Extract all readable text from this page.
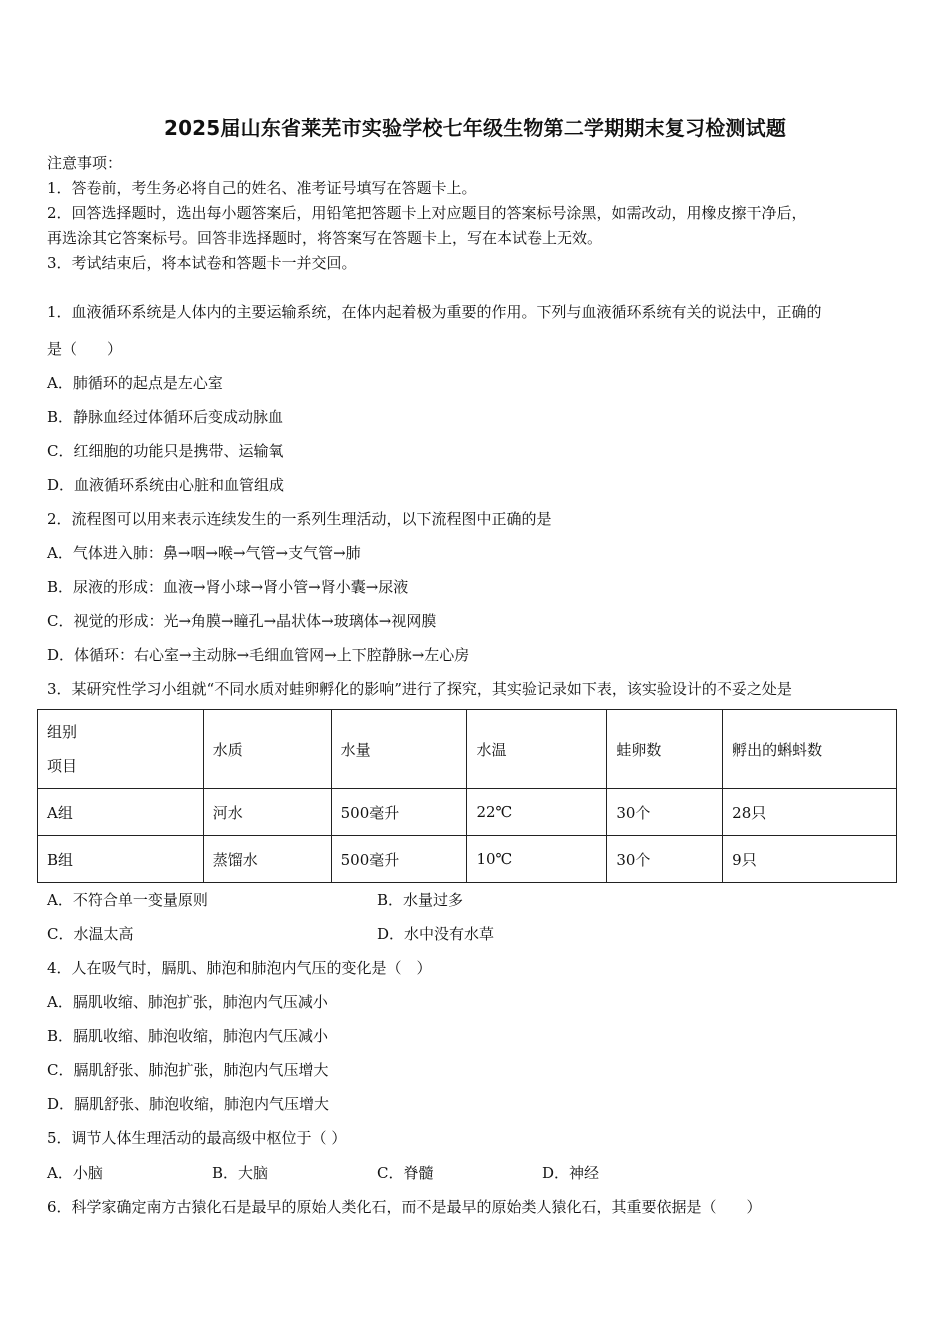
2025届山东省莱芜市实验学校七年级生物第二学期期末复习检测试题
注意事项：
1．答卷前，考生务必将自己的姓名、准考证号填写在答题卡上。
2．回答选择题时，选出每小题答案后，用铅笔把答题卡上对应题目的答案标号涂黑，如需改动，用橡皮擦干净后，
再选涂其它答案标号。回答非选择题时，将答案写在答题卡上，写在本试卷上无效。
3．考试结束后，将本试卷和答题卡一并交回。
1．血液循环系统是人体内的主要运输系统，在体内起着极为重要的作用。下列与血液循环系统有关的说法中，正确的
是（　　）
A．肺循环的起点是左心室
B．静脉血经过体循环后变成动脉血
C．红细胞的功能只是携带、运输氧
D．血液循环系统由心脏和血管组成
2．流程图可以用来表示连续发生的一系列生理活动，以下流程图中正确的是
A．气体进入肺：鼻→咽→喉→气管→支气管→肺
B．尿液的形成：血液→肾小球→肾小管→肾小囊→尿液
C．视觉的形成：光→角膜→瞳孔→晶状体→玻璃体→视网膜
D．体循环：右心室→主动脉→毛细血管网→上下腔静脉→左心房
3．某研究性学习小组就“不同水质对蛙卵孵化的影响”进行了探究，其实验记录如下表，该实验设计的不妥之处是
组别
项目	水质	水量	水温	蛙卵数	孵出的蝌蚪数
A组	河水	500毫升	22℃	30个	28只
B组	蒸馏水	500毫升	10℃	30个	9只
A．不符合单一变量原则	B．水量过多
C．水温太高	D．水中没有水草
4．人在吸气时，膈肌、肺泡和肺泡内气压的变化是（　）
A．膈肌收缩、肺泡扩张，肺泡内气压减小
B．膈肌收缩、肺泡收缩，肺泡内气压减小
C．膈肌舒张、肺泡扩张，肺泡内气压增大
D．膈肌舒张、肺泡收缩，肺泡内气压增大
5．调节人体生理活动的最高级中枢位于（ ）
A．小脑	B．大脑	C．脊髓	D．神经
6．科学家确定南方古猿化石是最早的原始人类化石，而不是最早的原始类人猿化石，其重要依据是（　　）
